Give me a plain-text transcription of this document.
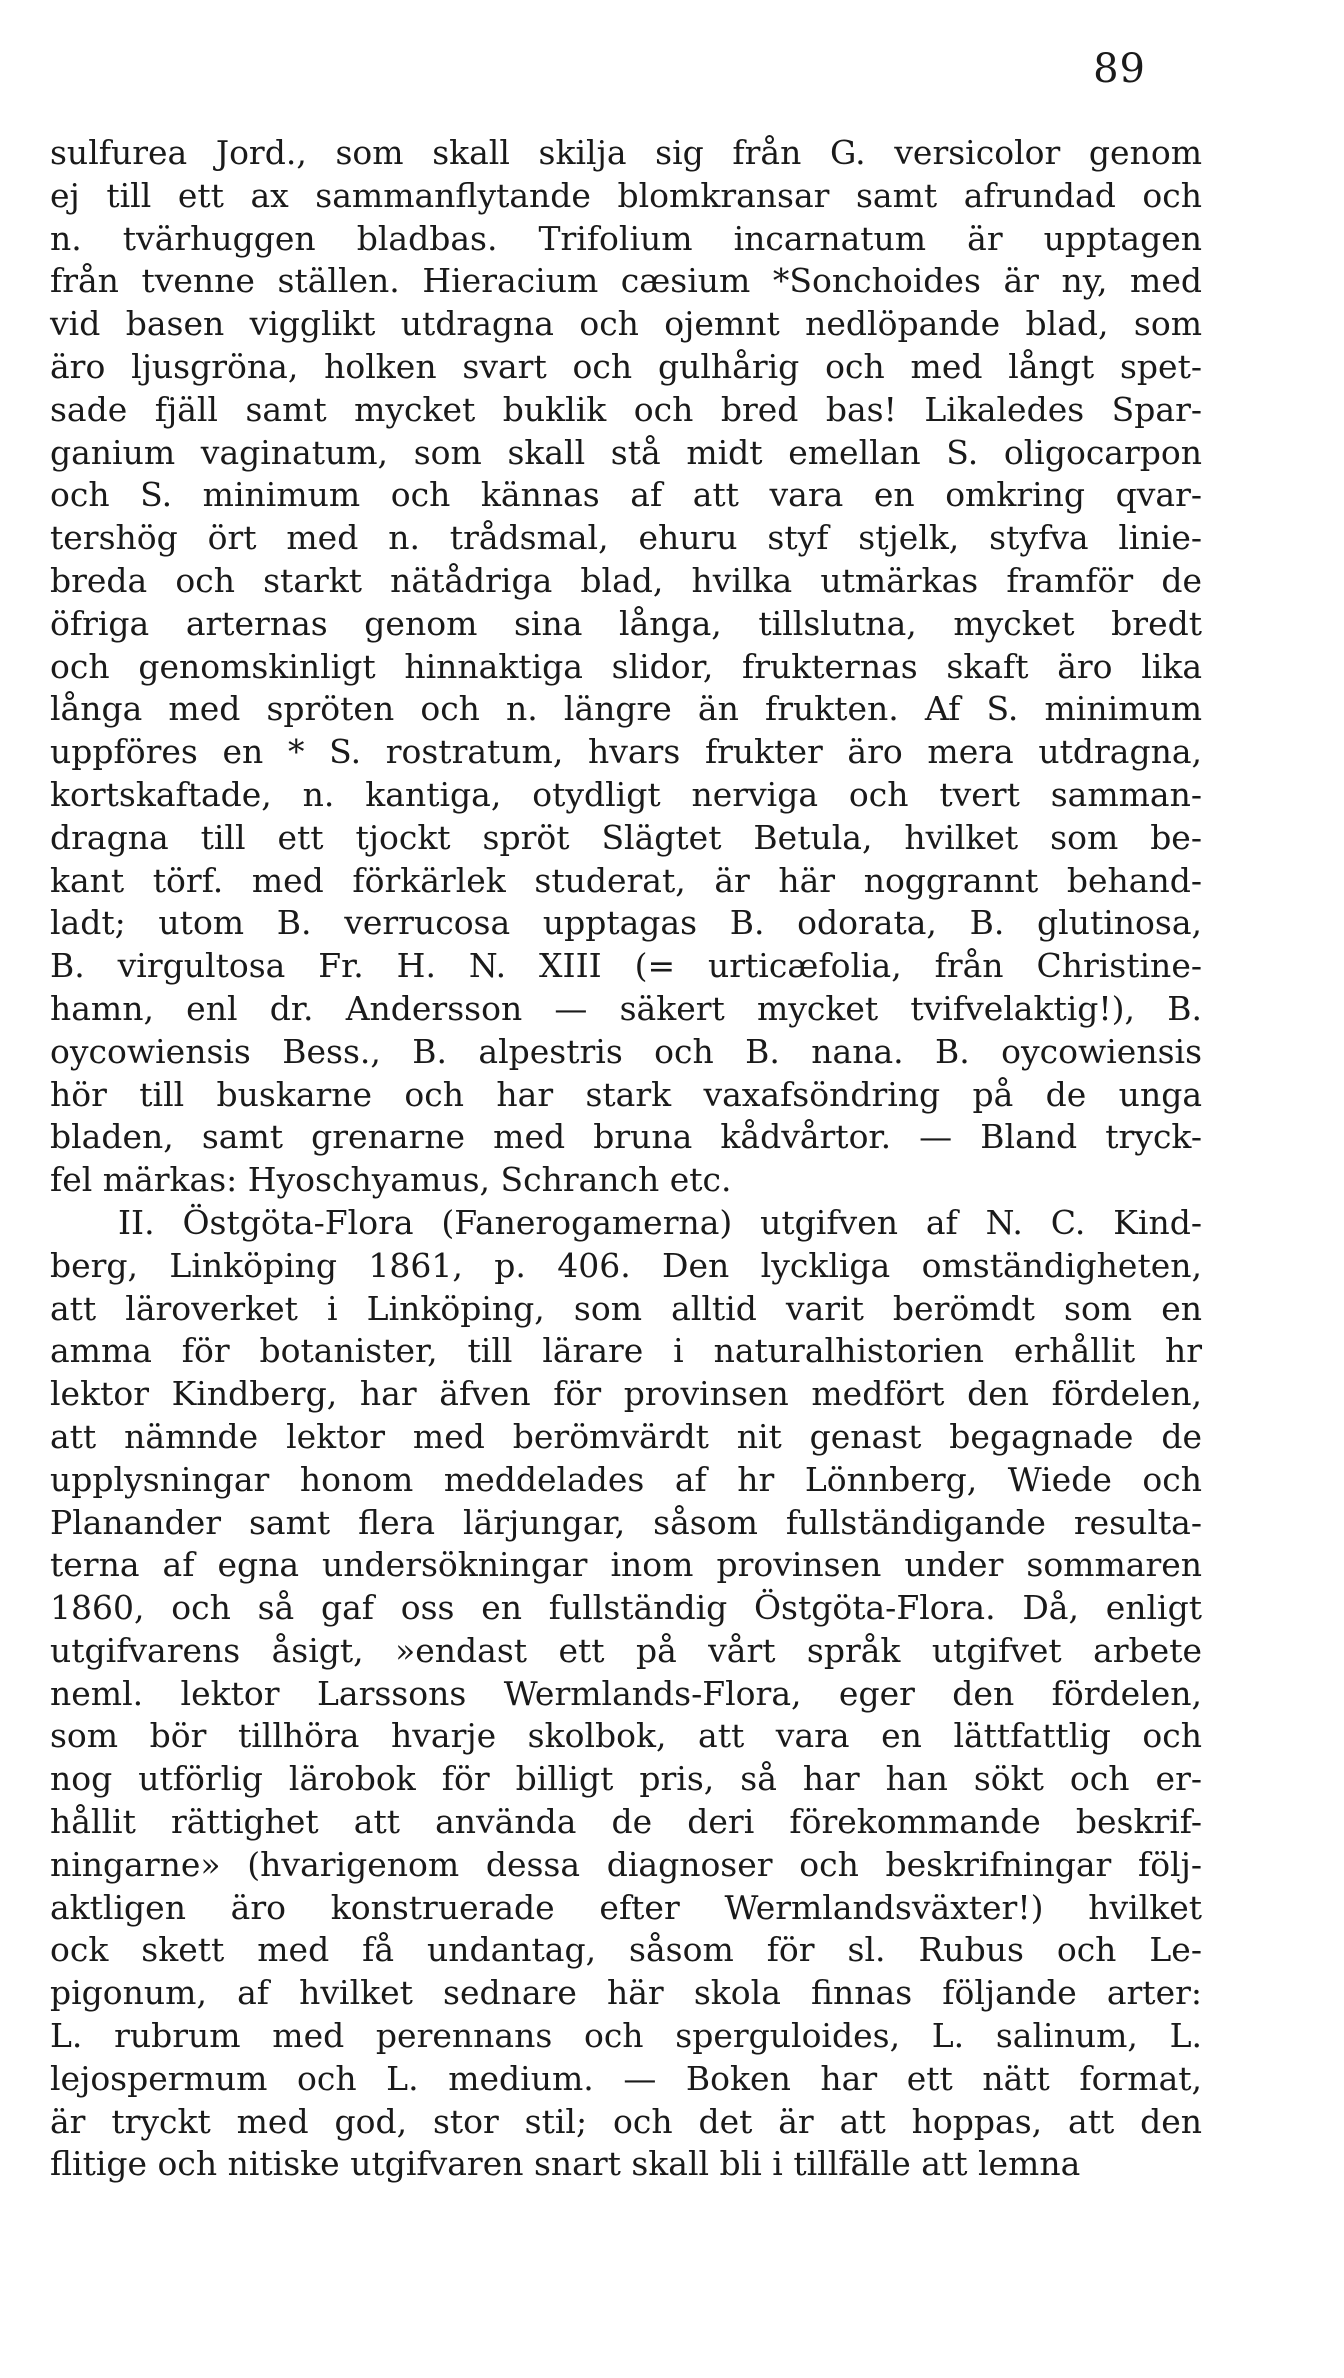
89
sulfurea Jord., som skall skilja sig från G. versicolor genom
ej till ett ax sammanflytande blomkransar samt afrundad och
n. tvärhuggen bladbas. Trifolium incarnatum är upptagen
från tvenne ställen. Hieracium cæsium *Sonchoides är ny, med
vid basen vigglikt utdragna och ojemnt nedlöpande blad, som
äro ljusgröna, holken svart och gulhårig och med långt spet-
sade fjäll samt mycket buklik och bred bas! Likaledes Spar-
ganium vaginatum, som skall stå midt emellan S. oligocarpon
och S. minimum och kännas af att vara en omkring qvar-
tershög ört med n. trådsmal, ehuru styf stjelk, styfva linie-
breda och starkt nätådriga blad, hvilka utmärkas framför de
öfriga arternas genom sina långa, tillslutna, mycket bredt
och genomskinligt hinnaktiga slidor, frukternas skaft äro lika
långa med spröten och n. längre än frukten. Af S. minimum
uppföres en * S. rostratum, hvars frukter äro mera utdragna,
kortskaftade, n. kantiga, otydligt nerviga och tvert samman-
dragna till ett tjockt spröt Slägtet Betula, hvilket som be-
kant törf. med förkärlek studerat, är här noggrannt behand-
ladt; utom B. verrucosa upptagas B. odorata, B. glutinosa,
B. virgultosa Fr. H. N. XIII (= urticæfolia, från Christine-
hamn, enl dr. Andersson — säkert mycket tvifvelaktig!), B.
oycowiensis Bess., B. alpestris och B. nana. B. oycowiensis
hör till buskarne och har stark vaxafsöndring på de unga
bladen, samt grenarne med bruna kådvårtor. — Bland tryck-
fel märkas: Hyoschyamus, Schranch etc.
II. Östgöta-Flora (Fanerogamerna) utgifven af N. C. Kind-
berg, Linköping 1861, p. 406. Den lyckliga omständigheten,
att läroverket i Linköping, som alltid varit berömdt som en
amma för botanister, till lärare i naturalhistorien erhållit hr
lektor Kindberg, har äfven för provinsen medfört den fördelen,
att nämnde lektor med berömvärdt nit genast begagnade de
upplysningar honom meddelades af hr Lönnberg, Wiede och
Planander samt flera lärjungar, såsom fullständigande resulta-
terna af egna undersökningar inom provinsen under sommaren
1860, och så gaf oss en fullständig Östgöta-Flora. Då, enligt
utgifvarens åsigt, »endast ett på vårt språk utgifvet arbete
neml. lektor Larssons Wermlands-Flora, eger den fördelen,
som bör tillhöra hvarje skolbok, att vara en lättfattlig och
nog utförlig lärobok för billigt pris, så har han sökt och er-
hållit rättighet att använda de deri förekommande beskrif-
ningarne» (hvarigenom dessa diagnoser och beskrifningar följ-
aktligen äro konstruerade efter Wermlandsväxter!) hvilket
ock skett med få undantag, såsom för sl. Rubus och Le-
pigonum, af hvilket sednare här skola finnas följande arter:
L. rubrum med perennans och sperguloides, L. salinum, L.
lejospermum och L. medium. — Boken har ett nätt format,
är tryckt med god, stor stil; och det är att hoppas, att den
flitige och nitiske utgifvaren snart skall bli i tillfälle att lemna
